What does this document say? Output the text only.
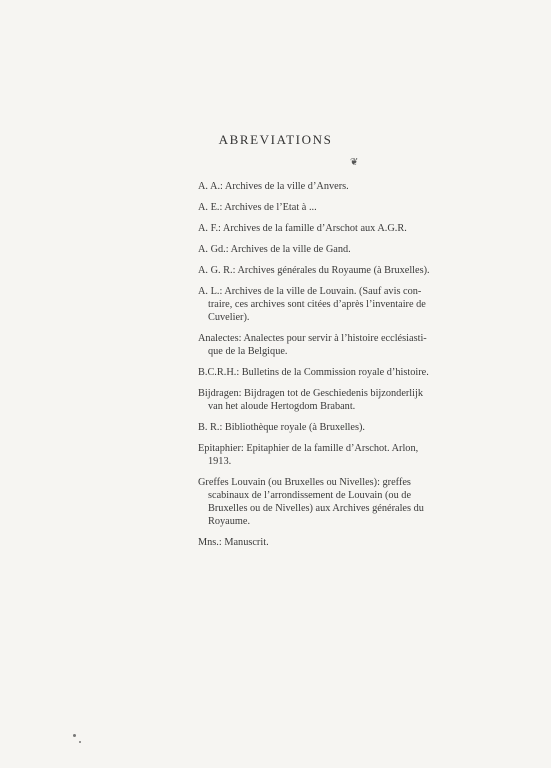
ABREVIATIONS
❦
A. A.: Archives de la ville d’Anvers.
A. E.: Archives de l’Etat à ...
A. F.: Archives de la famille d’Arschot aux A.G.R.
A. Gd.: Archives de la ville de Gand.
A. G. R.: Archives générales du Royaume (à Bruxelles).
A. L.: Archives de la ville de Louvain. (Sauf avis con-
traire, ces archives sont citées d’après l’inventaire de
Cuvelier).
Analectes: Analectes pour servir à l’histoire ecclésiasti-
que de la Belgique.
B.C.R.H.: Bulletins de la Commission royale d’histoire.
Bijdragen: Bijdragen tot de Geschiedenis bijzonderlijk
van het aloude Hertogdom Brabant.
B. R.: Bibliothèque royale (à Bruxelles).
Epitaphier: Epitaphier de la famille d’Arschot. Arlon,
1913.
Greffes Louvain (ou Bruxelles ou Nivelles): greffes
scabinaux de l’arrondissement de Louvain (ou de
Bruxelles ou de Nivelles) aux Archives générales du
Royaume.
Mns.: Manuscrit.
